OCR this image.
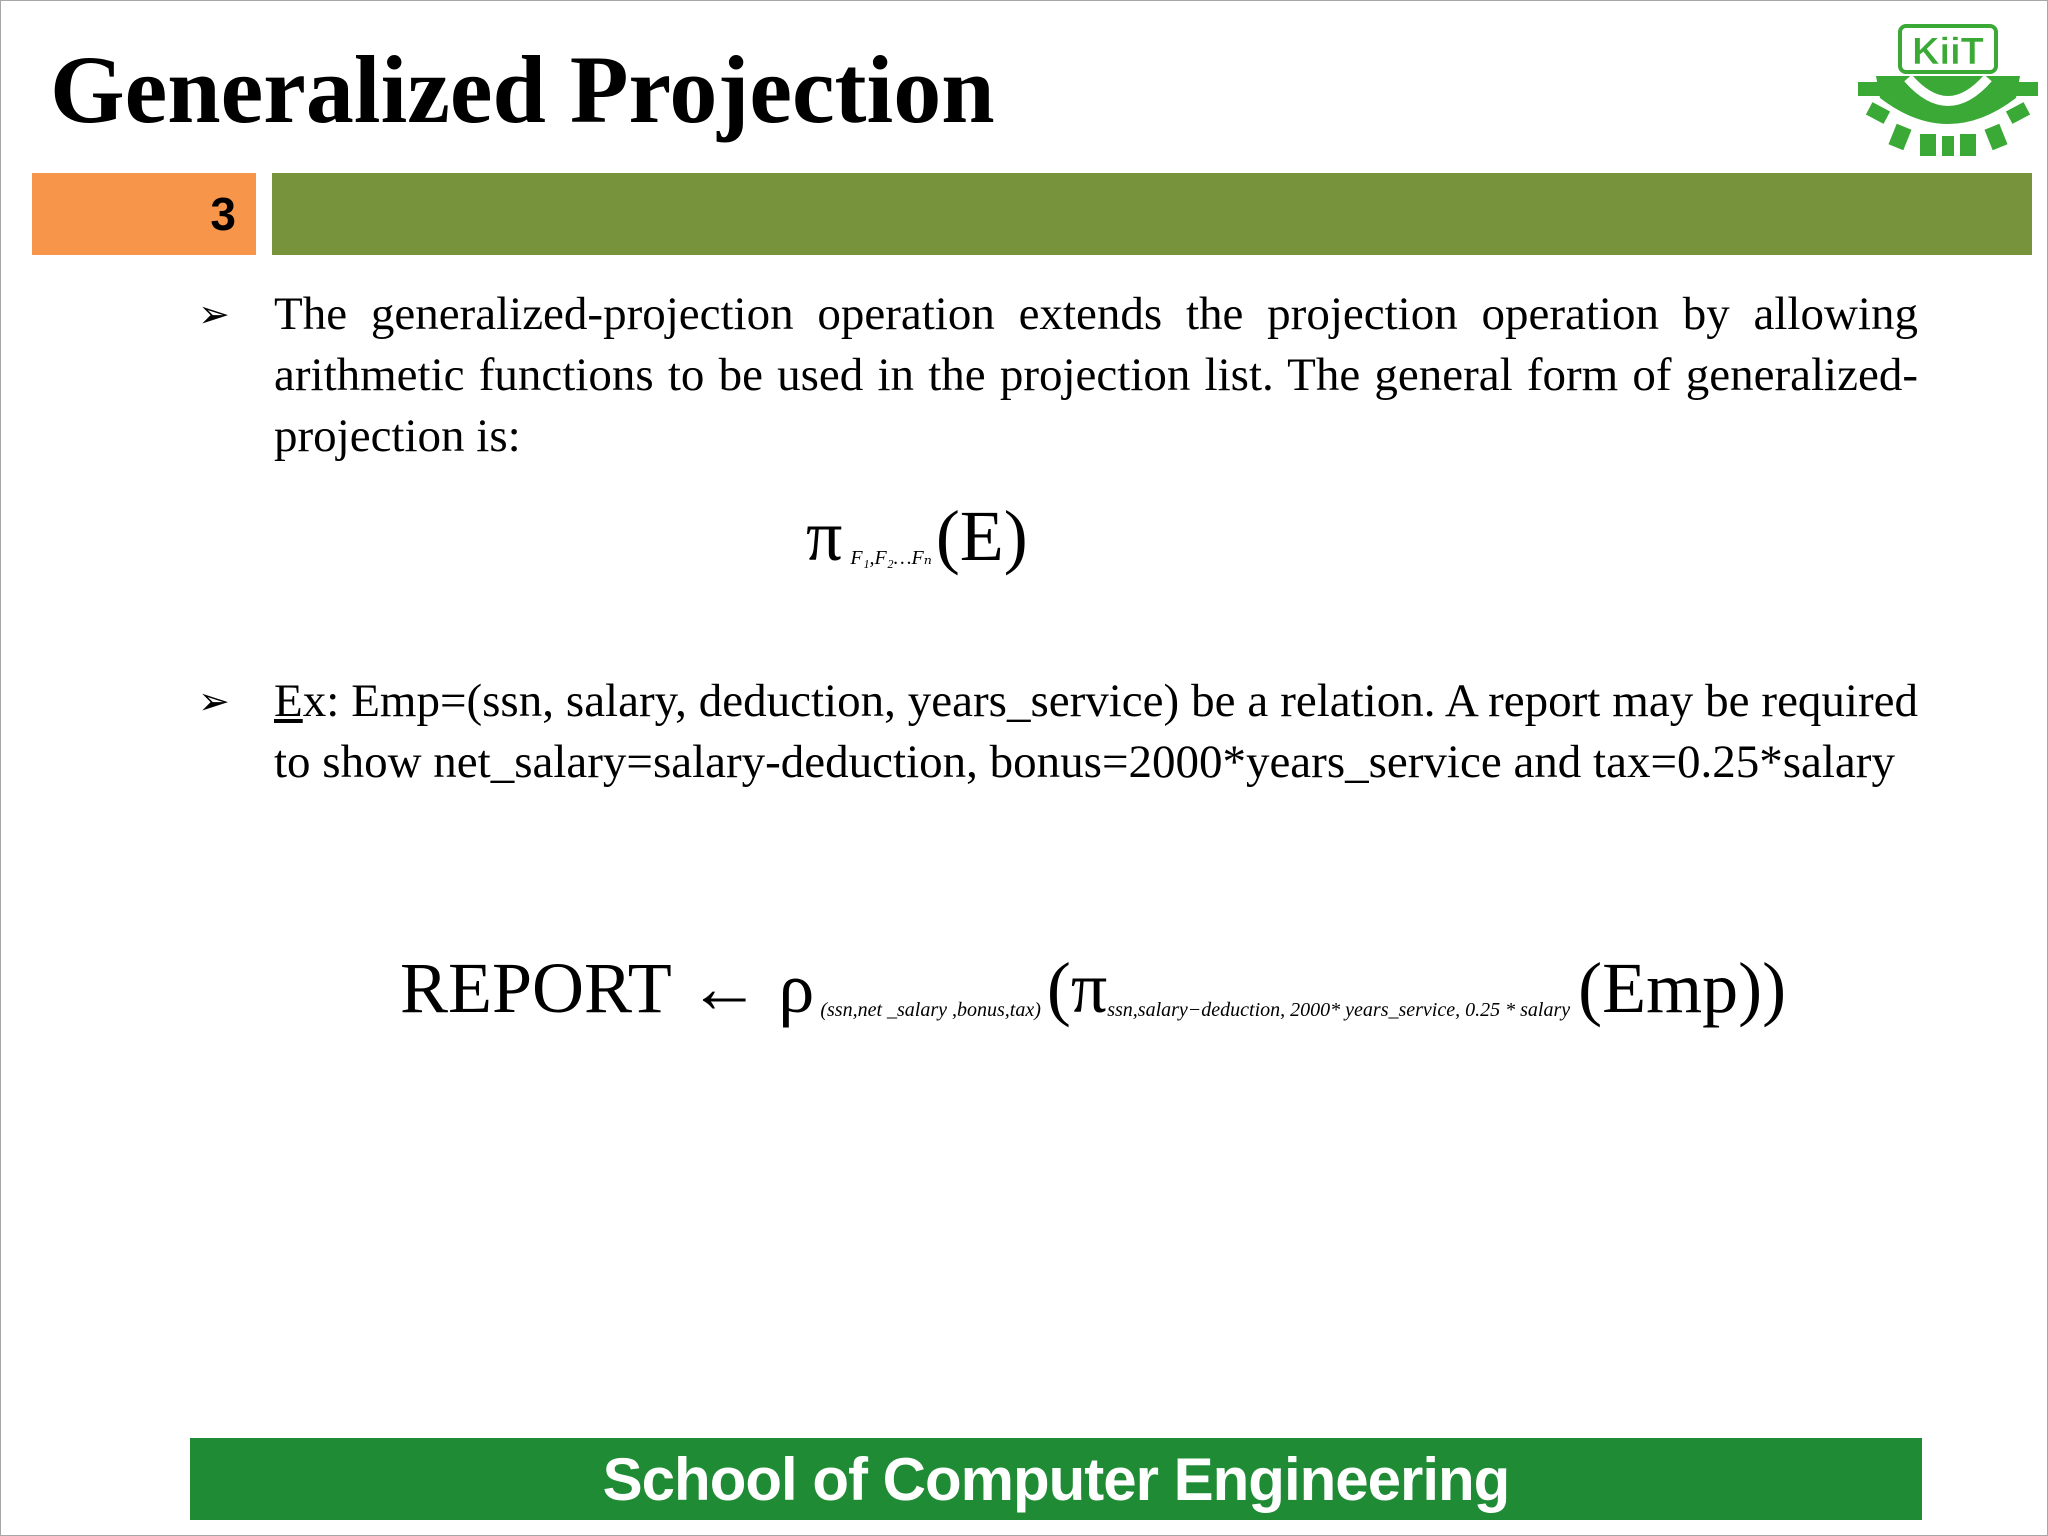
Generalized Projection	KiiT
3
➢ The generalized-projection operation extends the projection operation by allowing arithmetic functions to be used in the projection list. The general form of generalized-projection is:
π $_{F_1,F_2\dots F_n}$(E)
➢ Ex: Emp=(ssn, salary, deduction, years_service) be a relation. A report may be required to show net_salary=salary-deduction, bonus=2000*years_service and tax=0.25*salary
REPORT ← ρ $_{(ssn,net \_salary ,bonus,tax)}$(πssn,salary−deduction, 2000* years_service, 0.25 * salary (Emp))
School of Computer Engineering
